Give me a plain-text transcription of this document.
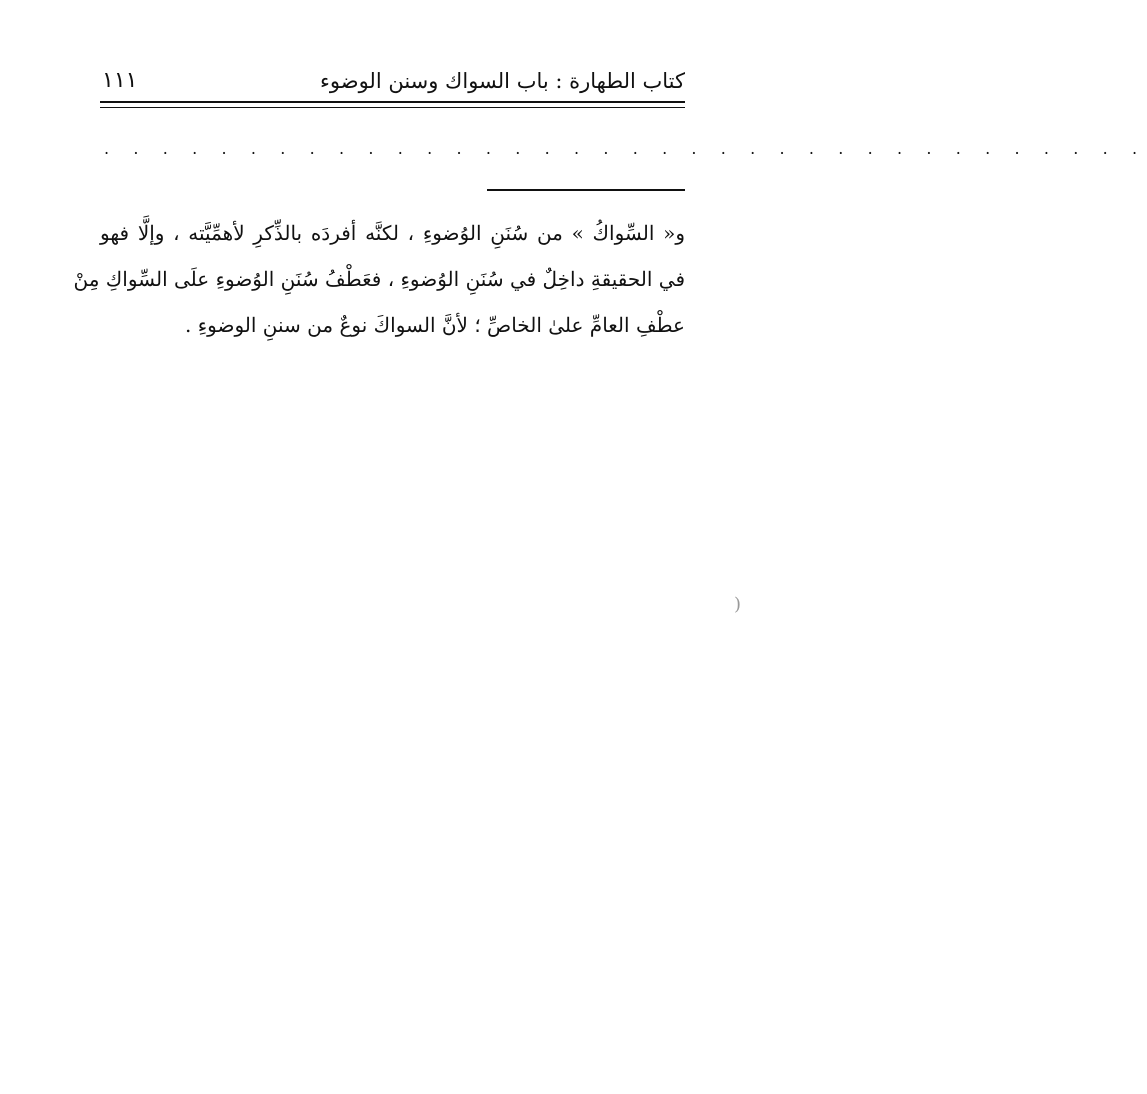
كتاب الطهارة : باب السواك وسنن الوضوء
١١١
. . . . . . . . . . . . . . . . . . . . . . . . . . . . . . . . . . . .
و« السِّواكُ » من سُنَنِ الوُضوءِ ، لكنَّه أفردَه بالذِّكرِ لأهمِّيَّته ، وإلَّا فهو
في الحقيقةِ داخِلٌ في سُنَنِ الوُضوءِ ، فعَطْفُ سُنَنِ الوُضوءِ علَى السِّواكِ مِنْ
عطْفِ العامِّ علىٰ الخاصِّ ؛ لأنَّ السواكَ نوعٌ من سننِ الوضوءِ .
)
